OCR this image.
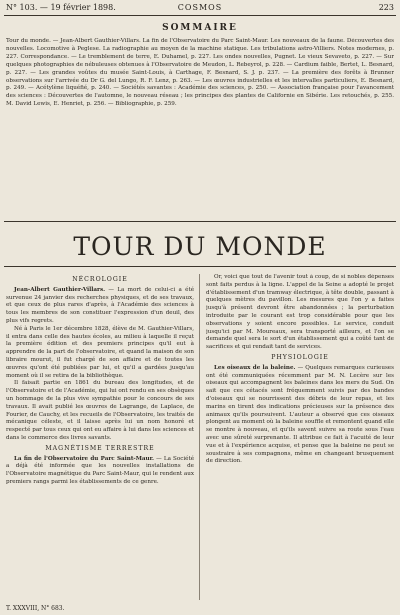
N° 103. — 19 février 1898.	COSMOS	223
SOMMAIRE
Tour du monde. — Jean-Albert Gauthier-Villars. La fin de l'Observatoire du Parc Saint-Maur. Les nouveaux de la faune. Découvertes des nouvelles. Locomotive à Peglese. La radiographie au moyen de la machine statique. Les tribulations astro-Villiers. Notes modernes, p. 227. Correspondance. — Le tremblement de terre, E. Duhamel, p. 227. Les ondes nouvelles, Pugnet. Le vieux Sevaveto, p. 227. — Sur quelques photographies de nébuleuses obtenues à l'Observatoire de Meudon, L. Rebeyrol, p. 228. — Cardium faible, Bertet, L. Besnard, p. 227. — Les grandes voûtes du musée Saint-Louis, à Carthage, F. Besnard, S. J. p. 237. — La première des forêts à Brunner observations sur l'arrivée du Dr G. del Lungo, R. F. Lenz, p. 263. — Les œuvres industrielles et les intervalles particuliers, E. Besnard, p. 249. — Acétylène liquéfié, p. 240. — Sociétés savantes : Académie des sciences, p. 250. — Association française pour l'avancement des sciences : Découvertes de l'automne, le nouveau réseau ; les principes des plantes de Californie en Sibérie. Les retouchés, p. 255. M. David Lewis, E. Henriet, p. 256. — Bibliographie, p. 259.
TOUR DU MONDE
NÉCROLOGIE

Jean-Albert Gauthier-Villars. — La mort de celui-ci a été survenue 24 janvier des recherches physiques, et de ses travaux, et que ceux de plus rares d'après, à l'Académie des sciences à tous les membres de son constituer l'expression d'un deuil, des plus vifs regrets.

Né à Paris le 1er décembre 1828, élève de M. Gauthier-Villars, il entra dans celle des hautes écoles, au milieu à laquelle il reçut la première édition et des premiers principes qu'il eut à apprendre de la part de l'observatoire, et quand la maison de son libraire mourut, il fut chargé de son affaire et de toutes les œuvres qu'ont été publiées par lui, et qu'il a gardées jusqu'au moment où il se retira de la bibliothèque.

Il faisait partie en 1861 du bureau des longitudes, et de l'Observatoire et de l'Académie, qui lui ont rendu en ses obsèques un hommage de la plus vive sympathie pour le concours de ses travaux. Il avait publié les œuvres de Lagrange, de Laplace, de Fourier, de Cauchy, et les recueils de l'Observatoire, les traités de mécanique céleste, et il laisse après lui un nom honoré et respecté par tous ceux qui ont eu affaire à lui dans les sciences et dans le commerce des livres savants.

MAGNÉTISME TERRESTRE

La fin de l'Observatoire du Parc Saint-Maur. — La Société a déjà été informée que les nouvelles installations de l'Observatoire magnétique du Parc Saint-Maur, qui le rendent aux premiers rangs parmi les établissements de ce genre.

Or, voici que tout de l'avenir tout à coup, de si nobles dépenses sont faits perdus à la ligne. L'appel de la Seine a adopté le projet d'établissement d'un tramway électrique, à tête double, passant à quelques mètres du pavillon. Les mesures que l'on y a faites jusqu'à présent devront être abandonnées ; la perturbation introduite par le courant est trop considérable pour que les observations y soient encore possibles. Le service, conduit jusqu'ici par M. Moureaux, sera transporté ailleurs, et l'on se demande quel sera le sort d'un établissement qui a coûté tant de sacrifices et qui rendait tant de services.

PHYSIOLOGIE

Les oiseaux de la baleine. — Quelques remarques curieuses ont été communiquées récemment par M. N. Lecère sur les oiseaux qui accompagnent les baleines dans les mers du Sud. On sait que ces cétacés sont fréquemment suivis par des bandes d'oiseaux qui se nourrissent des débris de leur repas, et les marins en tirent des indications précieuses sur la présence des animaux qu'ils poursuivent. L'auteur a observé que ces oiseaux plongent au moment où la baleine souffle et remontent quand elle se montre à nouveau, et qu'ils savent suivre sa route sous l'eau avec une sûreté surprenante. Il attribue ce fait à l'acuité de leur vue et à l'expérience acquise, et pense que la baleine ne peut se soustraire à ses compagnons, même en changeant brusquement de direction.

T. XXXVIII, N° 683.
